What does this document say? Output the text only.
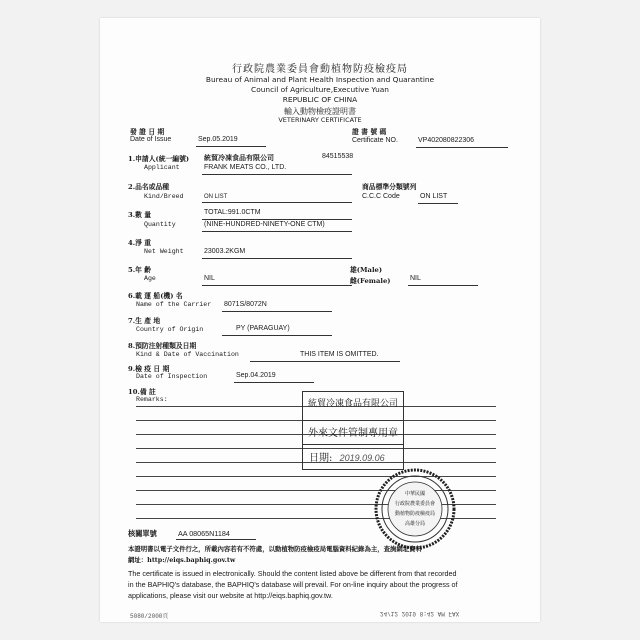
行政院農業委員會動植物防疫檢疫局
Bureau of Animal and Plant Health Inspection and Quarantine
Council of Agriculture,Executive Yuan
REPUBLIC OF CHINA
輸入動物檢疫證明書
VETERINARY CERTIFICATE
發 證 日 期
Date of Issue	Sep.05.2019
證 書 號 碼
Certificate NO.	VP402080822306
1.申請人(統一編號) 統貿冷凍食品有限公司	84515538
Applicant	FRANK MEATS CO., LTD.
2.品名或品種	商品標準分類號列
Kind/Breed	ON LIST	C.C.C Code	ON LIST
3.數 量	TOTAL:991.0CTM
Quantity	(NINE-HUNDRED-NINETY-ONE CTM)
4.淨 重
Net Weight	23003.2KGM
5.年 齡	雄(Male)
Age	NIL	雌(Female)	NIL
6.載 運 船(機) 名
Name of the Carrier 8071S/8072N
7.生 產 地
Country of Origin	PY (PARAGUAY)
8.預防注射種類及日期
Kind & Date of Vaccination	THIS ITEM IS OMITTED.
9.檢 疫 日 期
Date of Inspection	Sep.04.2019
10.備 註
Remarks:	統貿冷凍食品有限公司
外來文件管制專用章
日期: 2019.09.06
中華民國
行政院農業委員會
動植物防疫檢疫局
高雄分局
核關單號	AA 08065N1184
本證明書以電子文件行之，所載內容若有不符處，以動植物防疫檢疫局電腦資料紀錄為主，查詢網址資料
網址：http://eiqs.baphiq.gov.tw
The certificate is issued in electronically. Should the content listed above be different from that recorded
in the BAPHIQ's database, the BAPHIQ's database will prevail. For on-line inquiry about the progress of
applications, please visit our website at http://eiqs.baphiq.gov.tw.
5080/2000頁	24/12 2019 8:42 AM FAX
